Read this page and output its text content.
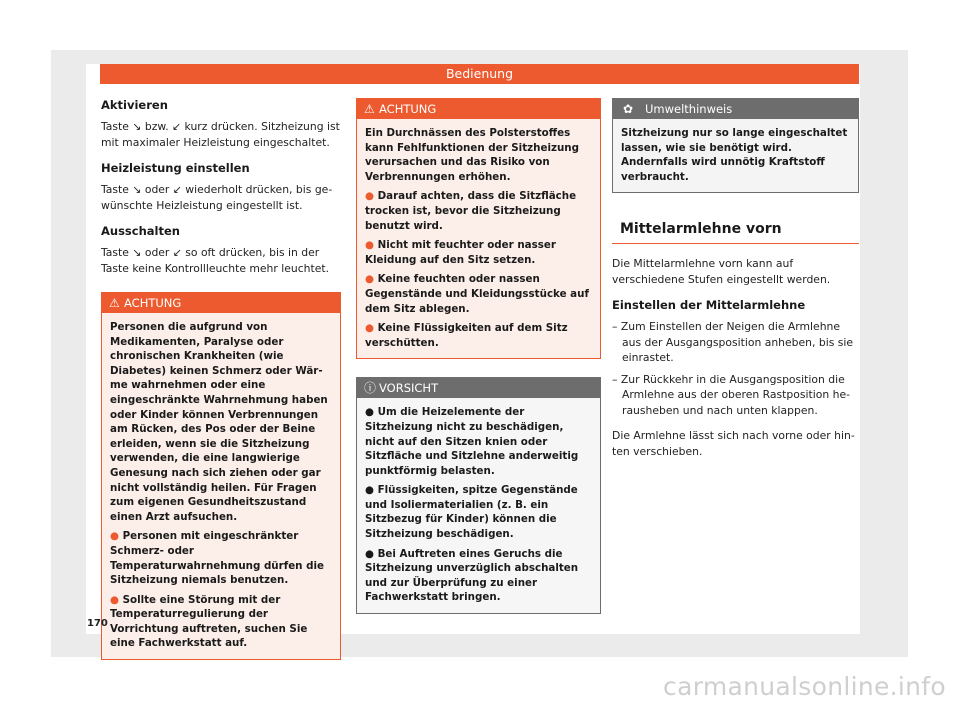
Bedienung
Aktivieren

Taste ↘ bzw. ↙ kurz drücken. Sitzheizung ist mit maximaler Heizleistung eingeschaltet.

Heizleistung einstellen

Taste ↘ oder ↙ wiederholt drücken, bis gewünschte Heizleistung eingestellt ist.

Ausschalten

Taste ↘ oder ↙ so oft drücken, bis in der Taste keine Kontrollleuchte mehr leuchtet.

⚠ ACHTUNG

Personen die aufgrund von Medikamenten, Paralyse oder chronischen Krankheiten (wie Diabetes) keinen Schmerz oder Wärme wahrnehmen oder eine eingeschränkte Wahrnehmung haben oder Kinder können Verbrennungen am Rücken, des Pos oder der Beine erleiden, wenn sie die Sitzheizung verwenden, die eine langwierige Genesung nach sich ziehen oder gar nicht vollständig heilen. Für Fragen zum eigenen Gesundheitszustand einen Arzt aufsuchen.

● Personen mit eingeschränkter Schmerz- oder Temperaturwahrnehmung dürfen die Sitzheizung niemals benutzen.

● Sollte eine Störung mit der Temperaturregulierung der Vorrichtung auftreten, suchen Sie eine Fachwerkstatt auf.

⚠ ACHTUNG

Ein Durchnässen des Polsterstoffes kann Fehlfunktionen der Sitzheizung verursachen und das Risiko von Verbrennungen erhöhen.

● Darauf achten, dass die Sitzfläche trocken ist, bevor die Sitzheizung benutzt wird.

● Nicht mit feuchter oder nasser Kleidung auf den Sitz setzen.

● Keine feuchten oder nassen Gegenstände und Kleidungsstücke auf dem Sitz ablegen.

● Keine Flüssigkeiten auf dem Sitz verschütten.

ⓘ VORSICHT

● Um die Heizelemente der Sitzheizung nicht zu beschädigen, nicht auf den Sitzen knien oder Sitzfläche und Sitzlehne anderweitig punktförmig belasten.

● Flüssigkeiten, spitze Gegenstände und Isoliermaterialien (z. B. ein Sitzbezug für Kinder) können die Sitzheizung beschädigen.

● Bei Auftreten eines Geruchs die Sitzheizung unverzüglich abschalten und zur Überprüfung zu einer Fachwerkstatt bringen.

✿ Umwelthinweis

Sitzheizung nur so lange eingeschaltet lassen, wie sie benötigt wird. Andernfalls wird unnötig Kraftstoff verbraucht.

Mittelarmlehne vorn

Die Mittelarmlehne vorn kann auf verschiedene Stufen eingestellt werden.

Einstellen der Mittelarmlehne
– Zum Einstellen der Neigen die Armlehne aus der Ausgangsposition anheben, bis sie einrastet.
– Zur Rückkehr in die Ausgangsposition die Armlehne aus der oberen Rastposition herausheben und nach unten klappen.

Die Armlehne lässt sich nach vorne oder hinten verschieben.

170
carmanualsonline.info
